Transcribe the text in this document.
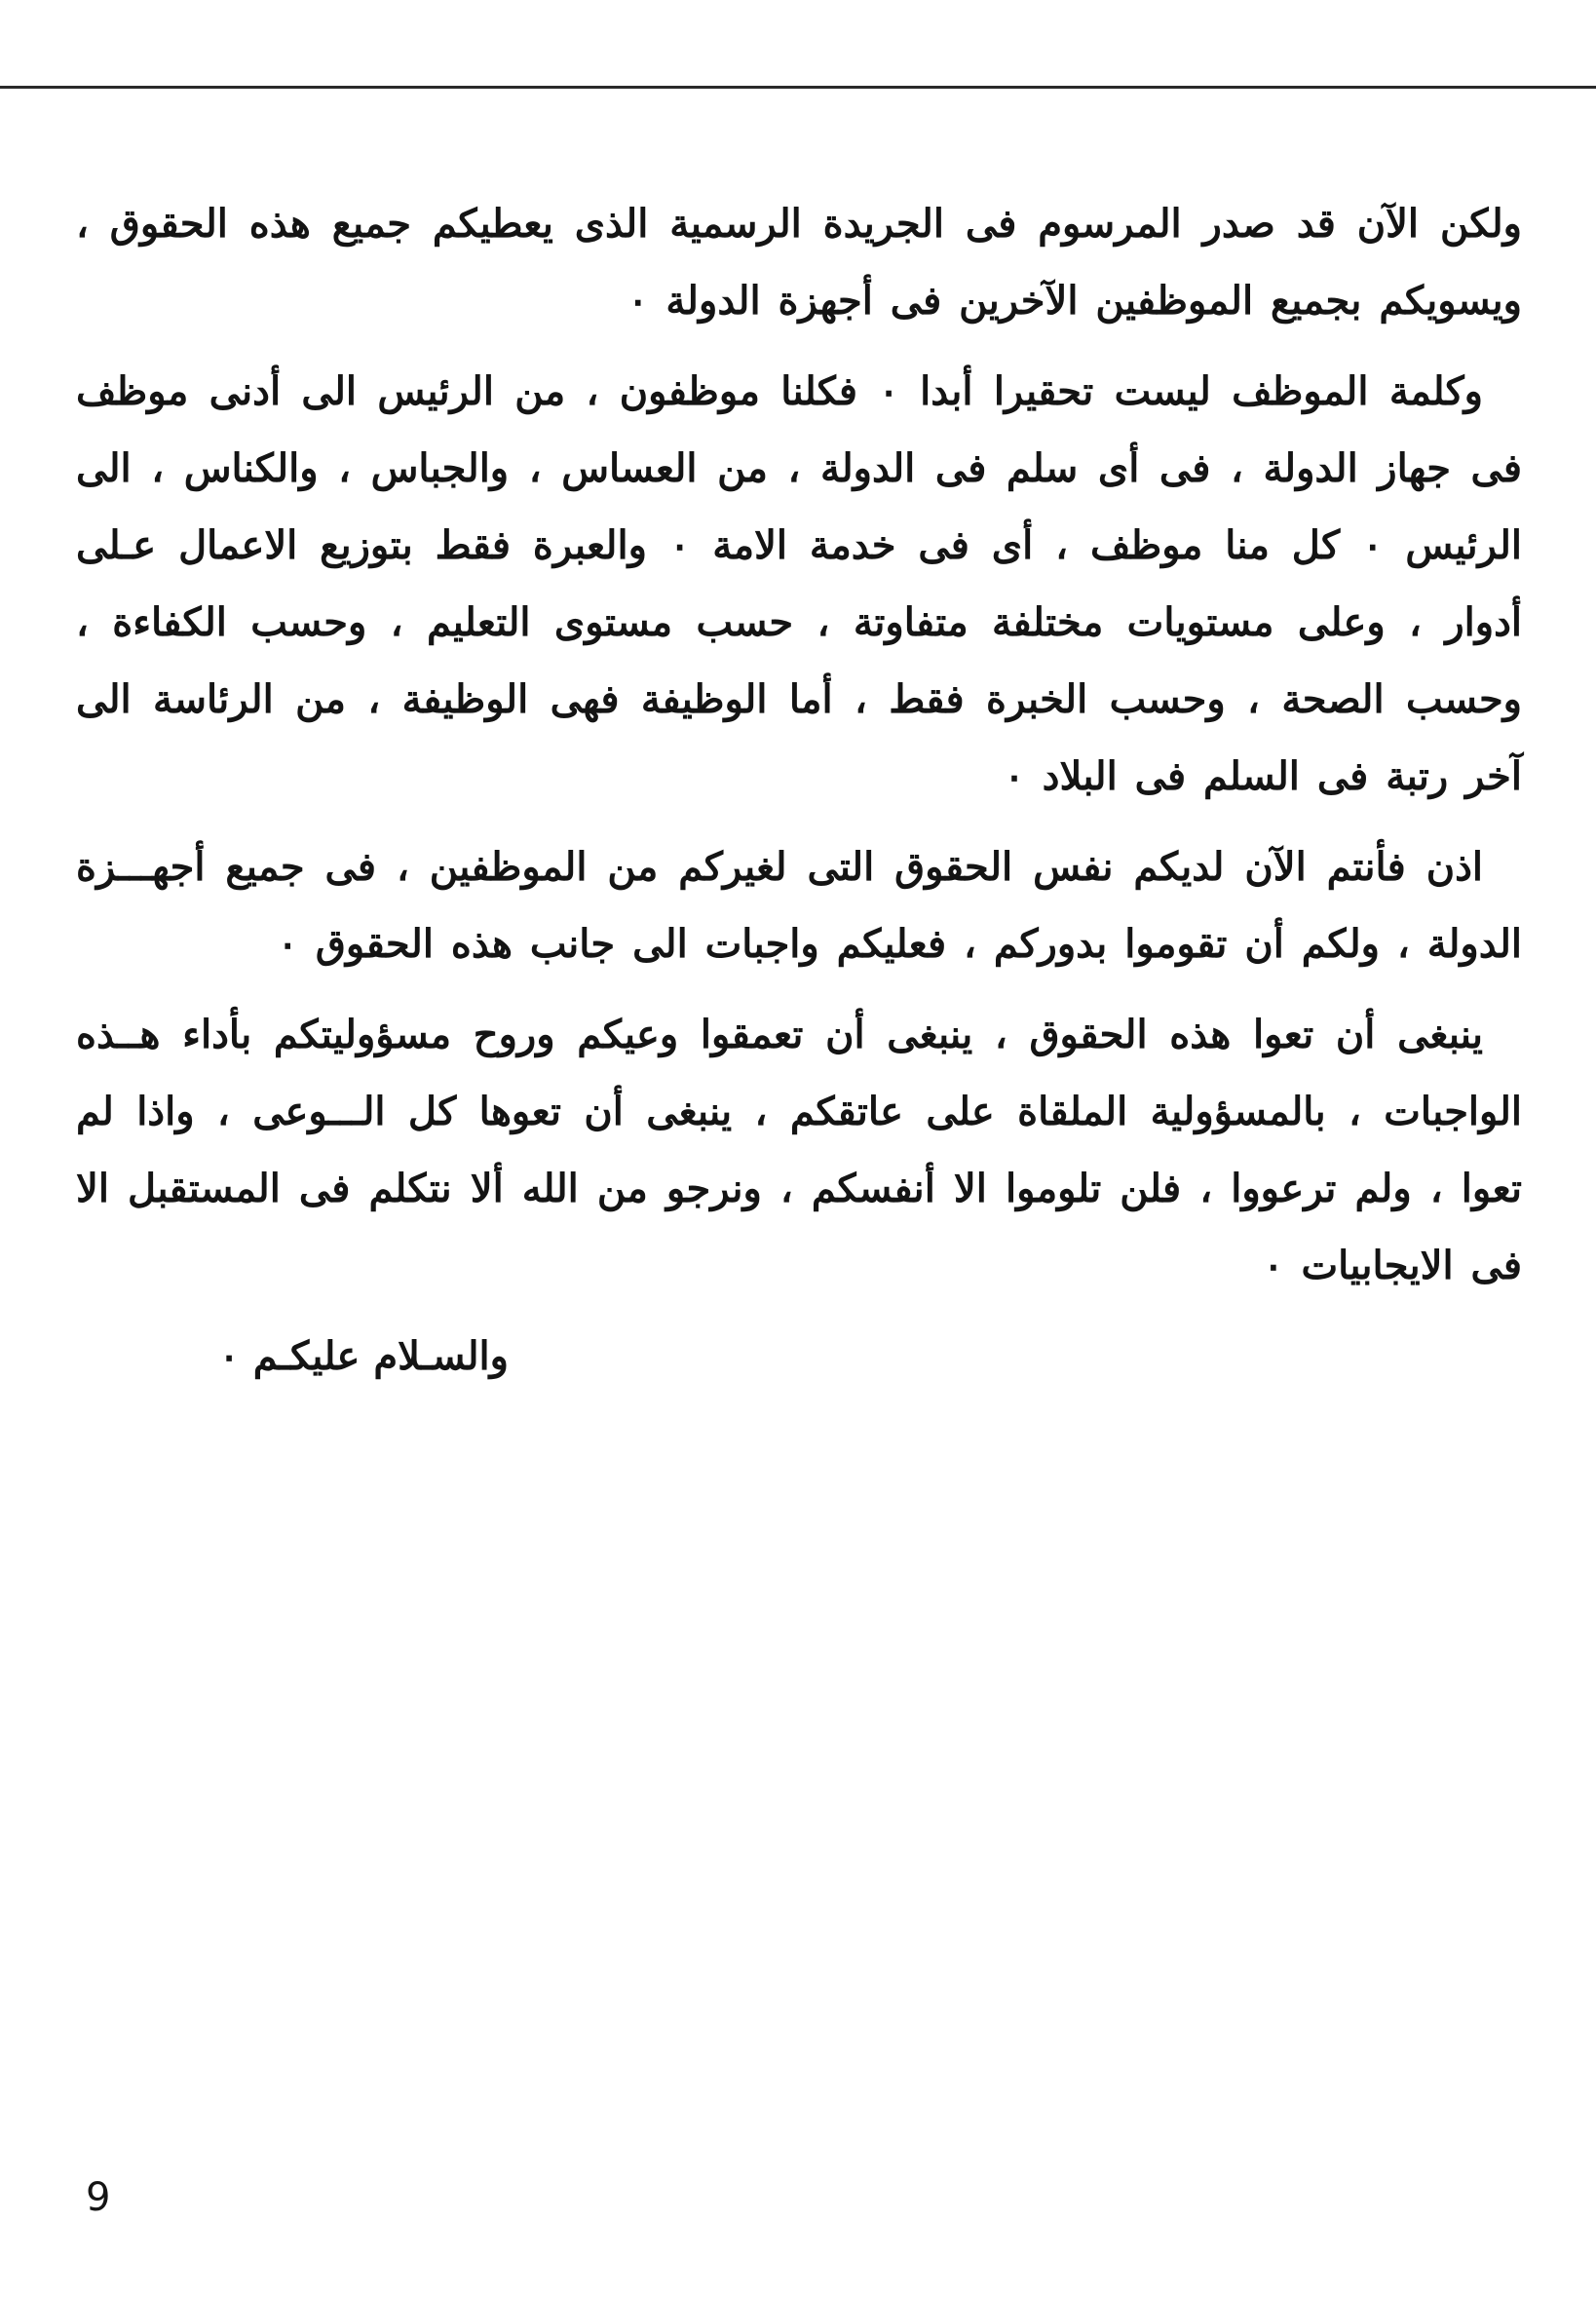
ولكن الآن قد صدر المرسوم فى الجريدة الرسمية الذى يعطيكم جميع هذه الحقوق ، ويسويكم بجميع الموظفين الآخرين فى أجهزة الدولة ٠

وكلمة الموظف ليست تحقيرا أبدا ٠ فكلنا موظفون ، من الرئيس الى أدنى موظف فى جهاز الدولة ، فى أى سلم فى الدولة ، من العساس ، والجباس ، والكناس ، الى الرئيس ٠ كل منا موظف ، أى فى خدمة الامة ٠ والعبرة فقط بتوزيع الاعمال عـلى أدوار ، وعلى مستويات مختلفة متفاوتة ، حسب مستوى التعليم ، وحسب الكفاءة ، وحسب الصحة ، وحسب الخبرة فقط ، أما الوظيفة فهى الوظيفة ، من الرئاسة الى آخر رتبة فى السلم فى البلاد ٠

اذن فأنتم الآن لديكم نفس الحقوق التى لغيركم من الموظفين ، فى جميع أجهـــزة الدولة ، ولكم أن تقوموا بدوركم ، فعليكم واجبات الى جانب هذه الحقوق ٠

ينبغى أن تعوا هذه الحقوق ، ينبغى أن تعمقوا وعيكم وروح مسؤوليتكم بأداء هــذه الواجبات ، بالمسؤولية الملقاة على عاتقكم ، ينبغى أن تعوها كل الـــوعى ، واذا لم تعوا ، ولم ترعووا ، فلن تلوموا الا أنفسكم ، ونرجو من الله ألا نتكلم فى المستقبل الا فى الايجابيات ٠

والسـلام عليكـم ٠

9
